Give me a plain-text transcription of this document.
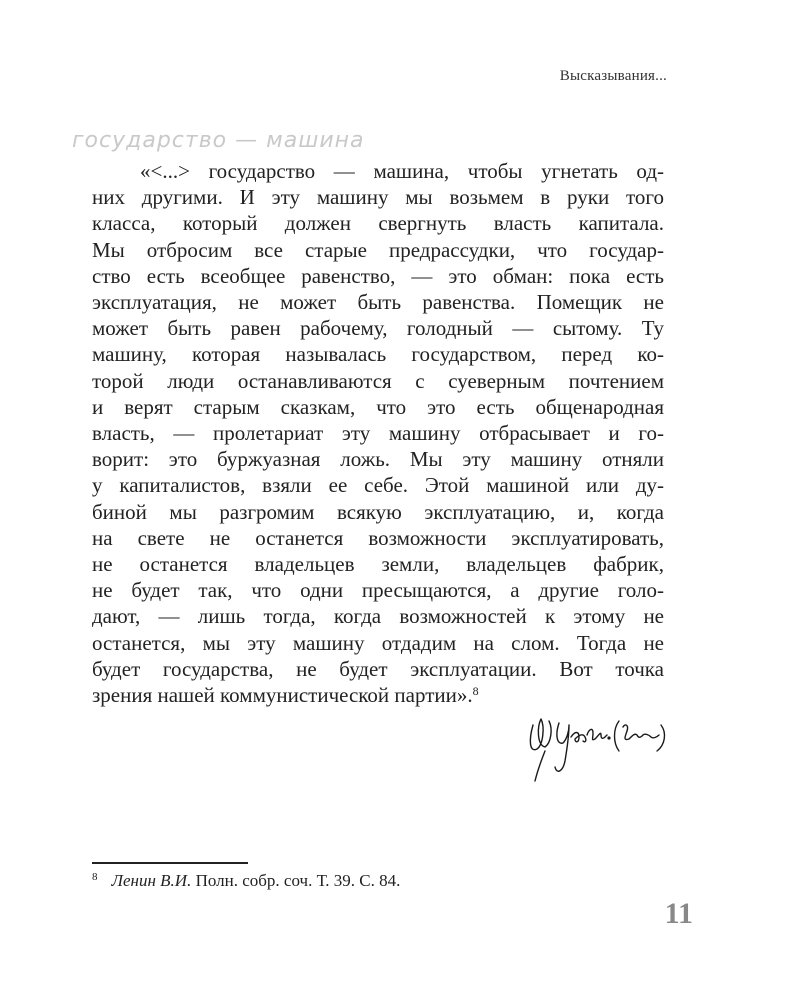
Высказывания...
государство — машина
«<...> государство — машина, чтобы угнетать од-
них другими. И эту машину мы возьмем в руки того
класса, который должен свергнуть власть капитала.
Мы отбросим все старые предрассудки, что государ-
ство есть всеобщее равенство, — это обман: пока есть
эксплуатация, не может быть равенства. Помещик не
может быть равен рабочему, голодный — сытому. Ту
машину, которая называлась государством, перед ко-
торой люди останавливаются с суеверным почтением
и верят старым сказкам, что это есть общенародная
власть, — пролетариат эту машину отбрасывает и го-
ворит: это буржуазная ложь. Мы эту машину отняли
у капиталистов, взяли ее себе. Этой машиной или ду-
биной мы разгромим всякую эксплуатацию, и, когда
на свете не останется возможности эксплуатировать,
не останется владельцев земли, владельцев фабрик,
не будет так, что одни пресыщаются, а другие голо-
дают, — лишь тогда, когда возможностей к этому не
останется, мы эту машину отдадим на слом. Тогда не
будет государства, не будет эксплуатации. Вот точка
зрения нашей коммунистической партии».$^8$
$^8$ Ленин В.И. Полн. собр. соч. Т. 39. С. 84.
11
